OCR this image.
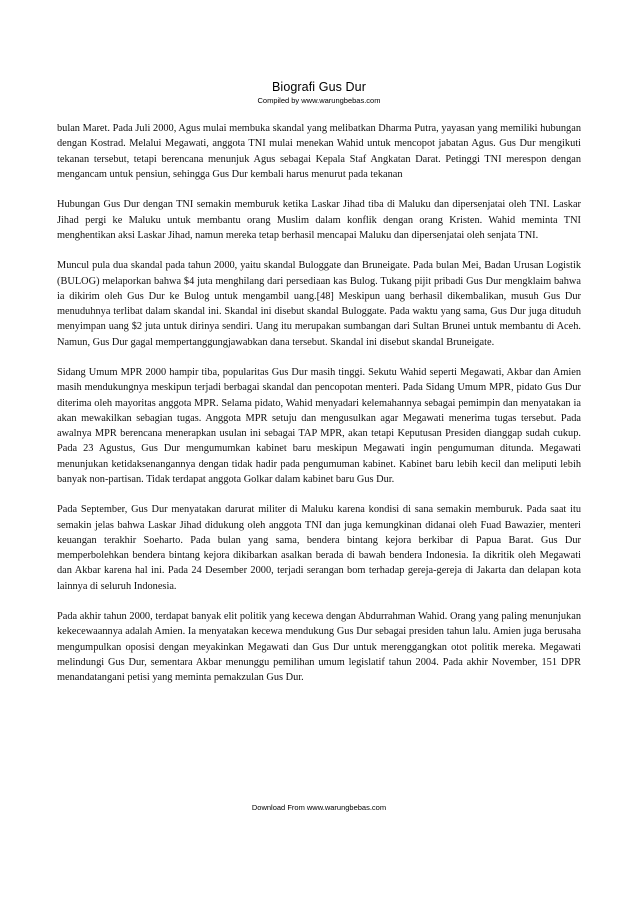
Biografi Gus Dur
Compiled by www.warungbebas.com

bulan Maret. Pada Juli 2000, Agus mulai membuka skandal yang melibatkan Dharma Putra, yayasan yang memiliki hubungan dengan Kostrad. Melalui Megawati, anggota TNI mulai menekan Wahid untuk mencopot jabatan Agus. Gus Dur mengikuti tekanan tersebut, tetapi berencana menunjuk Agus sebagai Kepala Staf Angkatan Darat. Petinggi TNI merespon dengan mengancam untuk pensiun, sehingga Gus Dur kembali harus menurut pada tekanan

Hubungan Gus Dur dengan TNI semakin memburuk ketika Laskar Jihad tiba di Maluku dan dipersenjatai oleh TNI. Laskar Jihad pergi ke Maluku untuk membantu orang Muslim dalam konflik dengan orang Kristen. Wahid meminta TNI menghentikan aksi Laskar Jihad, namun mereka tetap berhasil mencapai Maluku dan dipersenjatai oleh senjata TNI.

Muncul pula dua skandal pada tahun 2000, yaitu skandal Buloggate dan Bruneigate. Pada bulan Mei, Badan Urusan Logistik (BULOG) melaporkan bahwa $4 juta menghilang dari persediaan kas Bulog. Tukang pijit pribadi Gus Dur mengklaim bahwa ia dikirim oleh Gus Dur ke Bulog untuk mengambil uang.[48] Meskipun uang berhasil dikembalikan, musuh Gus Dur menuduhnya terlibat dalam skandal ini. Skandal ini disebut skandal Buloggate. Pada waktu yang sama, Gus Dur juga dituduh menyimpan uang $2 juta untuk dirinya sendiri. Uang itu merupakan sumbangan dari Sultan Brunei untuk membantu di Aceh. Namun, Gus Dur gagal mempertanggungjawabkan dana tersebut. Skandal ini disebut skandal Bruneigate.

Sidang Umum MPR 2000 hampir tiba, popularitas Gus Dur masih tinggi. Sekutu Wahid seperti Megawati, Akbar dan Amien masih mendukungnya meskipun terjadi berbagai skandal dan pencopotan menteri. Pada Sidang Umum MPR, pidato Gus Dur diterima oleh mayoritas anggota MPR. Selama pidato, Wahid menyadari kelemahannya sebagai pemimpin dan menyatakan ia akan mewakilkan sebagian tugas. Anggota MPR setuju dan mengusulkan agar Megawati menerima tugas tersebut. Pada awalnya MPR berencana menerapkan usulan ini sebagai TAP MPR, akan tetapi Keputusan Presiden dianggap sudah cukup. Pada 23 Agustus, Gus Dur mengumumkan kabinet baru meskipun Megawati ingin pengumuman ditunda. Megawati menunjukan ketidaksenangannya dengan tidak hadir pada pengumuman kabinet. Kabinet baru lebih kecil dan meliputi lebih banyak non-partisan. Tidak terdapat anggota Golkar dalam kabinet baru Gus Dur.

Pada September, Gus Dur menyatakan darurat militer di Maluku karena kondisi di sana semakin memburuk. Pada saat itu semakin jelas bahwa Laskar Jihad didukung oleh anggota TNI dan juga kemungkinan didanai oleh Fuad Bawazier, menteri keuangan terakhir Soeharto. Pada bulan yang sama, bendera bintang kejora berkibar di Papua Barat. Gus Dur memperbolehkan bendera bintang kejora dikibarkan asalkan berada di bawah bendera Indonesia. Ia dikritik oleh Megawati dan Akbar karena hal ini. Pada 24 Desember 2000, terjadi serangan bom terhadap gereja-gereja di Jakarta dan delapan kota lainnya di seluruh Indonesia.

Pada akhir tahun 2000, terdapat banyak elit politik yang kecewa dengan Abdurrahman Wahid. Orang yang paling menunjukan kekecewaannya adalah Amien. Ia menyatakan kecewa mendukung Gus Dur sebagai presiden tahun lalu. Amien juga berusaha mengumpulkan oposisi dengan meyakinkan Megawati dan Gus Dur untuk merenggangkan otot politik mereka. Megawati melindungi Gus Dur, sementara Akbar menunggu pemilihan umum legislatif tahun 2004. Pada akhir November, 151 DPR menandatangani petisi yang meminta pemakzulan Gus Dur.

Download From www.warungbebas.com
